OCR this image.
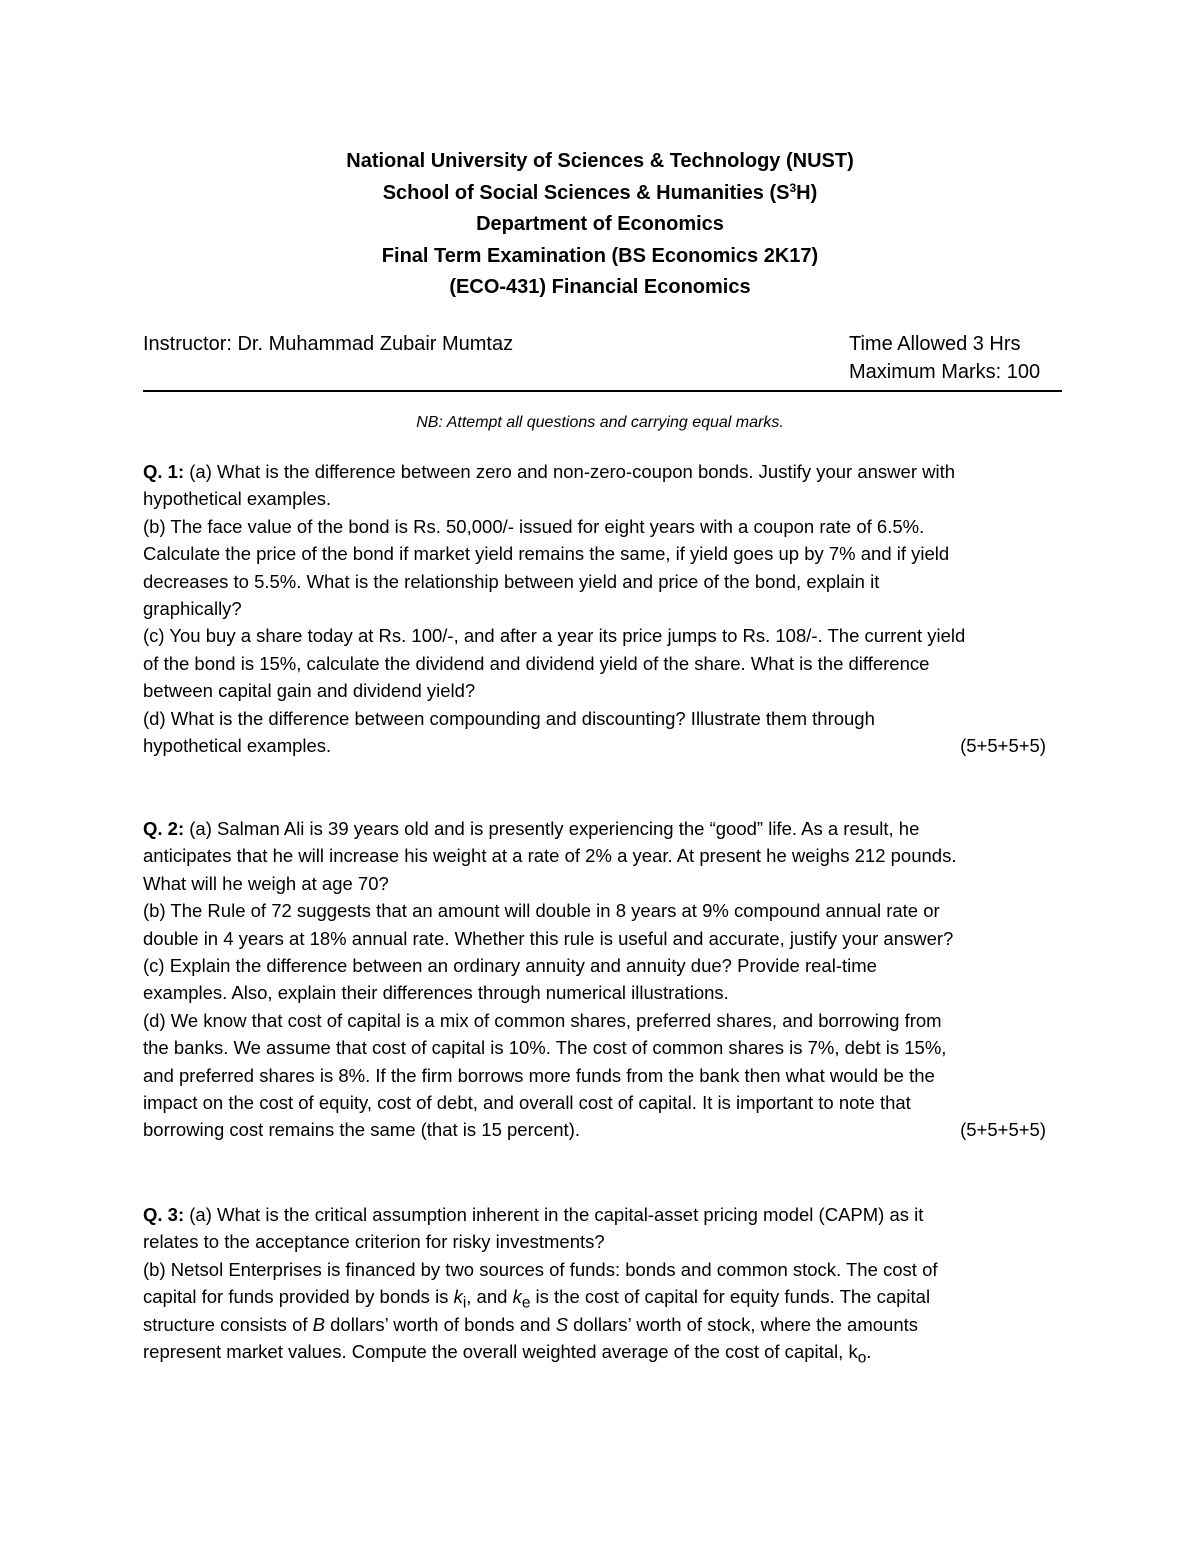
National University of Sciences & Technology (NUST)
School of Social Sciences & Humanities $(S^3H)$
Department of Economics
Final Term Examination (BS Economics 2K17)
(ECO-431) Financial Economics
Instructor: Dr. Muhammad Zubair Mumtaz	Time Allowed 3 Hrs
Maximum Marks: 100
NB: Attempt all questions and carrying equal marks.
Q. 1: (a) What is the difference between zero and non-zero-coupon bonds. Justify your answer with
hypothetical examples.
(b) The face value of the bond is Rs. 50,000/- issued for eight years with a coupon rate of 6.5%.
Calculate the price of the bond if market yield remains the same, if yield goes up by 7% and if yield
decreases to 5.5%. What is the relationship between yield and price of the bond, explain it
graphically?
(c) You buy a share today at Rs. 100/-, and after a year its price jumps to Rs. 108/-. The current yield
of the bond is 15%, calculate the dividend and dividend yield of the share. What is the difference
between capital gain and dividend yield?
(d) What is the difference between compounding and discounting? Illustrate them through
hypothetical examples.	(5+5+5+5)
Q. 2: (a) Salman Ali is 39 years old and is presently experiencing the “good” life. As a result, he
anticipates that he will increase his weight at a rate of 2% a year. At present he weighs 212 pounds.
What will he weigh at age 70?
(b) The Rule of 72 suggests that an amount will double in 8 years at 9% compound annual rate or
double in 4 years at 18% annual rate. Whether this rule is useful and accurate, justify your answer?
(c) Explain the difference between an ordinary annuity and annuity due? Provide real-time
examples. Also, explain their differences through numerical illustrations.
(d) We know that cost of capital is a mix of common shares, preferred shares, and borrowing from
the banks. We assume that cost of capital is 10%. The cost of common shares is 7%, debt is 15%,
and preferred shares is 8%. If the firm borrows more funds from the bank then what would be the
impact on the cost of equity, cost of debt, and overall cost of capital. It is important to note that
borrowing cost remains the same (that is 15 percent).	(5+5+5+5)
Q. 3: (a) What is the critical assumption inherent in the capital-asset pricing model (CAPM) as it
relates to the acceptance criterion for risky investments?
(b) Netsol Enterprises is financed by two sources of funds: bonds and common stock. The cost of
capital for funds provided by bonds is $k_i$, and $k_e$ is the cost of capital for equity funds. The capital
structure consists of B dollars’ worth of bonds and S dollars’ worth of stock, where the amounts
represent market values. Compute the overall weighted average of the cost of capital, $k_o$.
